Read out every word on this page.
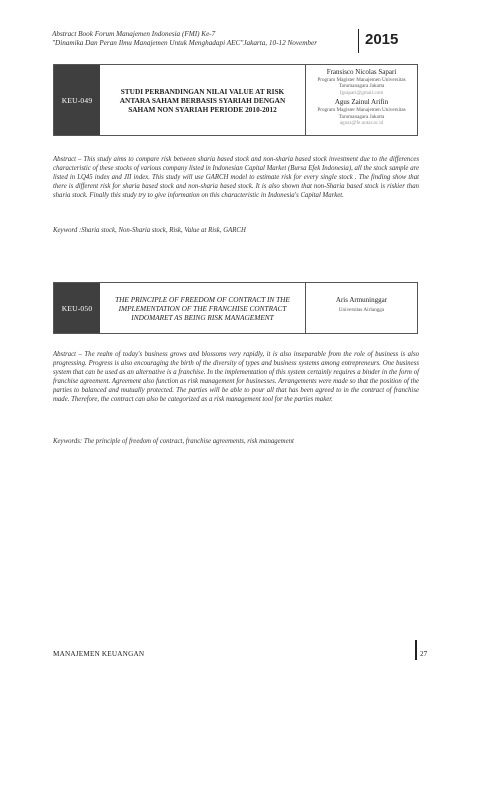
Abstract Book Forum Manajemen Indonesia (FMI) Ke-7
"Dinamika Dan Peran Ilmu Manajemen Untuk Menghadapi AEC"Jakarta, 10-12 November	2015
KEU-049
STUDI PERBANDINGAN NILAI VALUE AT RISK ANTARA SAHAM BERBASIS SYARIAH DENGAN SAHAM NON SYARIAH PERIODE 2010-2012
Fransisco Nicolas Sapari
Program Magister Manajemen Universitas Tarumanagara Jakarta
fgsapari@gmail.com
Agus Zainul Arifin
Program Magister Manajemen Universitas Tarumanagara Jakarta
agusz@fe.untar.ac.id
Abstract – This study aims to compare risk between sharia based stock and non-sharia based stock investment due to the differences characteristic of these stocks of various company listed in Indonesian Capital Market (Bursa Efek Indonesia), all the stock sample are listed in LQ45 index and JII index. This study will use GARCH model to estimate risk for every single stock . The finding show that there is different risk for sharia based stock and non-sharia based stock. It is also shown that non-Sharia based stock is riskier than sharia stock. Finally this study try to give information on this characteristic in Indonesia's Capital Market.
Keyword :Sharia stock, Non-Sharia stock, Risk, Value at Risk, GARCH
KEU-050
THE PRINCIPLE OF FREEDOM OF CONTRACT IN THE IMPLEMENTATION OF THE FRANCHISE CONTRACT INDOMARET AS BEING RISK MANAGEMENT
Aris Armuninggar
Universitas Airlangga
Abstract – The realm of today's business grows and blossoms very rapidly, it is also inseparable from the role of business is also progressing. Progress is also encouraging the birth of the diversity of types and business systems among entrepreneurs. One business system that can be used as an alternative is a franchise. In the implementation of this system certainly requires a binder in the form of franchise agreement. Agreement also function as risk management for businesses. Arrangements were made so that the position of the parties to balanced and mutually protected. The parties will be able to pour all that has been agreed to in the contract of franchise made. Therefore, the contract can also be categorized as a risk management tool for the parties maker.
Keywords: The principle of freedom of contract, franchise agreements, risk management
MANAJEMEN KEUANGAN	27
